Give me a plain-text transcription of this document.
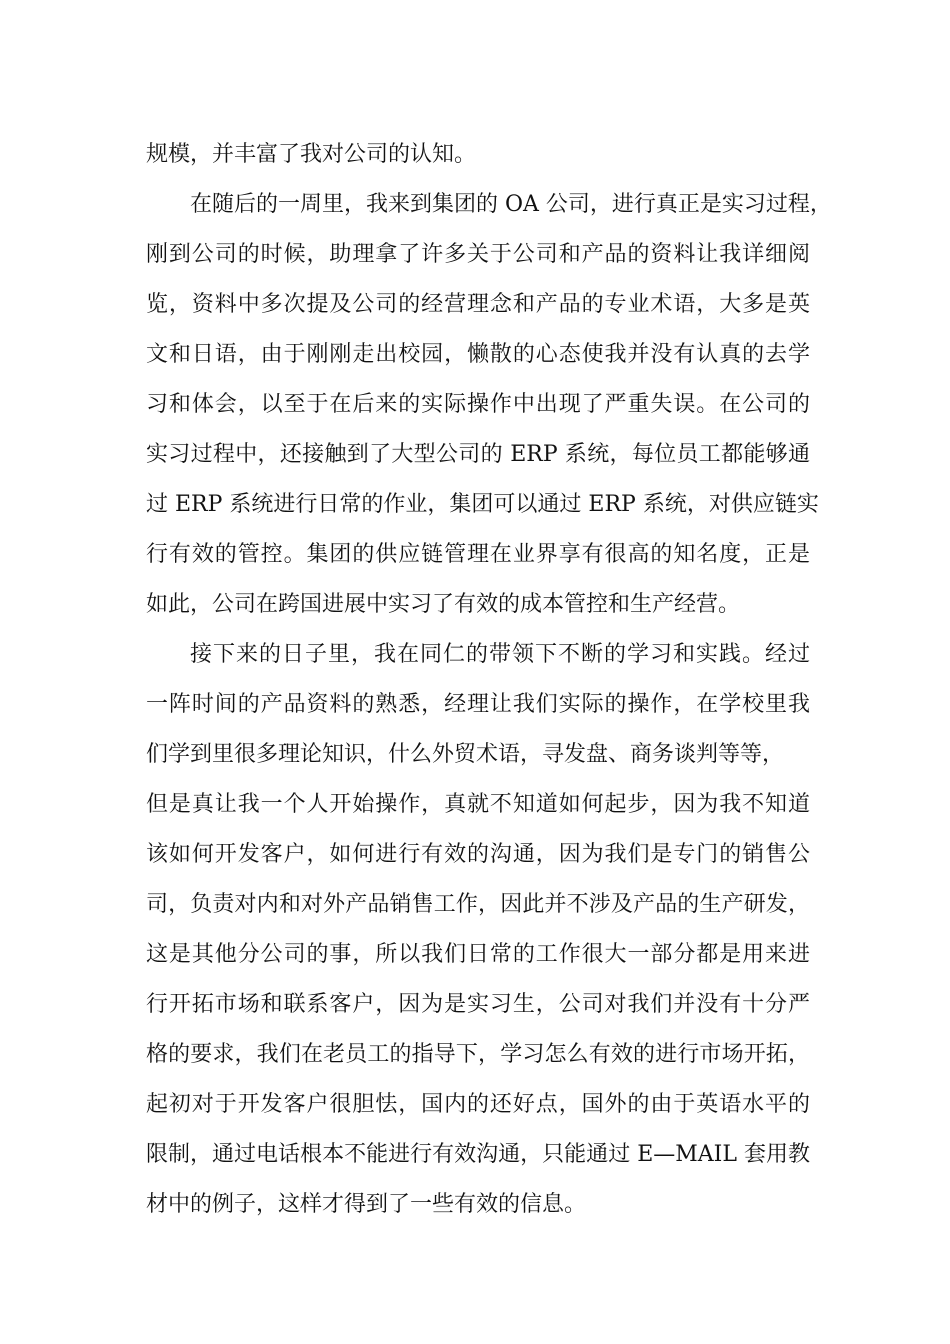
规模，并丰富了我对公司的认知。
在随后的一周里，我来到集团的 OA 公司，进行真正是实习过程，
刚到公司的时候，助理拿了许多关于公司和产品的资料让我详细阅
览，资料中多次提及公司的经营理念和产品的专业术语，大多是英
文和日语，由于刚刚走出校园，懒散的心态使我并没有认真的去学
习和体会，以至于在后来的实际操作中出现了严重失误。在公司的
实习过程中，还接触到了大型公司的 ERP 系统，每位员工都能够通
过 ERP 系统进行日常的作业，集团可以通过 ERP 系统，对供应链实
行有效的管控。集团的供应链管理在业界享有很高的知名度，正是
如此，公司在跨国进展中实习了有效的成本管控和生产经营。
接下来的日子里，我在同仁的带领下不断的学习和实践。经过
一阵时间的产品资料的熟悉，经理让我们实际的操作，在学校里我
们学到里很多理论知识，什么外贸术语，寻发盘、商务谈判等等，
但是真让我一个人开始操作，真就不知道如何起步，因为我不知道
该如何开发客户，如何进行有效的沟通，因为我们是专门的销售公
司，负责对内和对外产品销售工作，因此并不涉及产品的生产研发，
这是其他分公司的事，所以我们日常的工作很大一部分都是用来进
行开拓市场和联系客户，因为是实习生，公司对我们并没有十分严
格的要求，我们在老员工的指导下，学习怎么有效的进行市场开拓，
起初对于开发客户很胆怯，国内的还好点，国外的由于英语水平的
限制，通过电话根本不能进行有效沟通，只能通过 E—MAIL 套用教
材中的例子，这样才得到了一些有效的信息。
